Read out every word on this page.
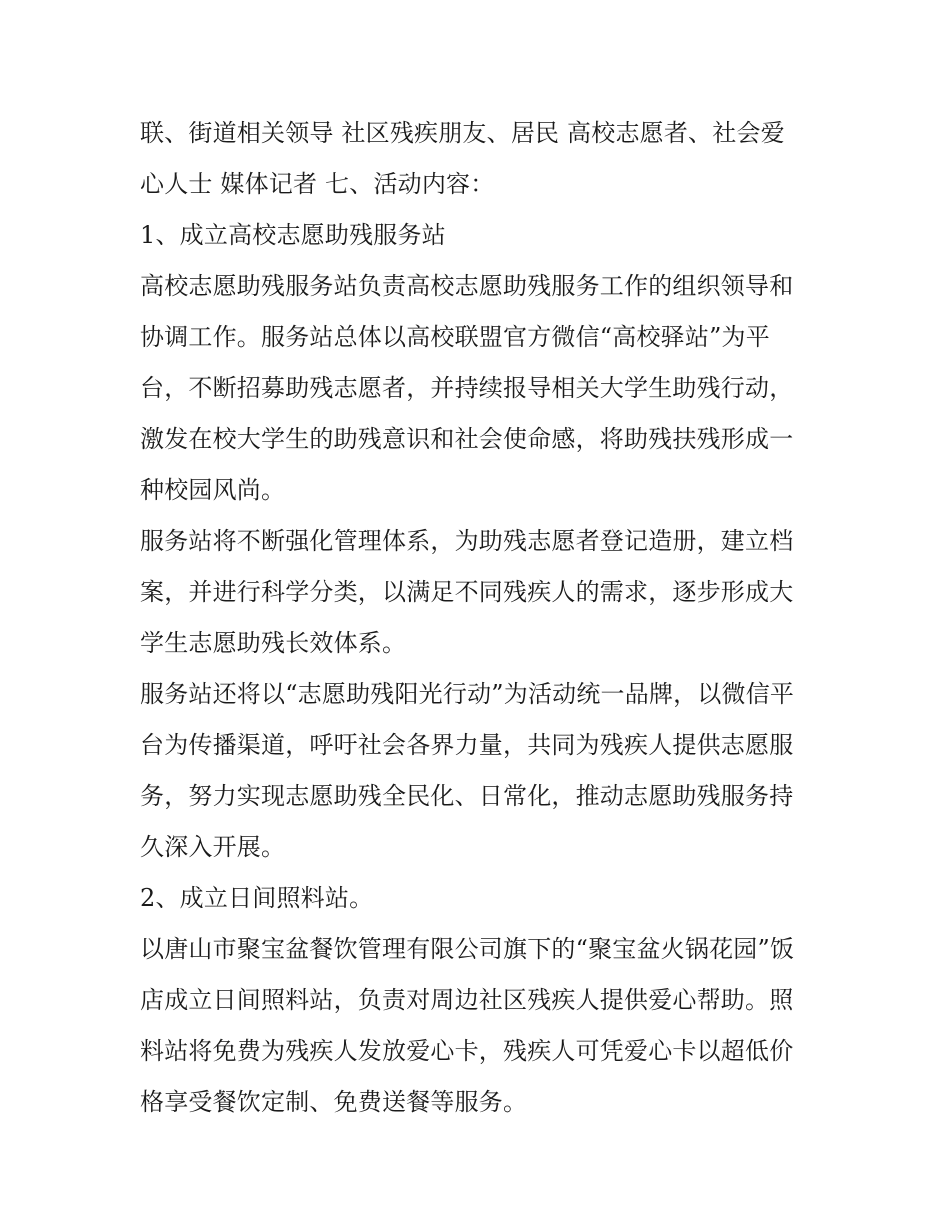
联、街道相关领导 社区残疾朋友、居民 高校志愿者、社会爱
心人士 媒体记者 七、活动内容：
1、成立高校志愿助残服务站
高校志愿助残服务站负责高校志愿助残服务工作的组织领导和
协调工作。服务站总体以高校联盟官方微信“高校驿站”为平
台，不断招募助残志愿者，并持续报导相关大学生助残行动，
激发在校大学生的助残意识和社会使命感，将助残扶残形成一
种校园风尚。
服务站将不断强化管理体系，为助残志愿者登记造册，建立档
案，并进行科学分类，以满足不同残疾人的需求，逐步形成大
学生志愿助残长效体系。
服务站还将以“志愿助残阳光行动”为活动统一品牌，以微信平
台为传播渠道，呼吁社会各界力量，共同为残疾人提供志愿服
务，努力实现志愿助残全民化、日常化，推动志愿助残服务持
久深入开展。
2、成立日间照料站。
以唐山市聚宝盆餐饮管理有限公司旗下的“聚宝盆火锅花园”饭
店成立日间照料站，负责对周边社区残疾人提供爱心帮助。照
料站将免费为残疾人发放爱心卡，残疾人可凭爱心卡以超低价
格享受餐饮定制、免费送餐等服务。
